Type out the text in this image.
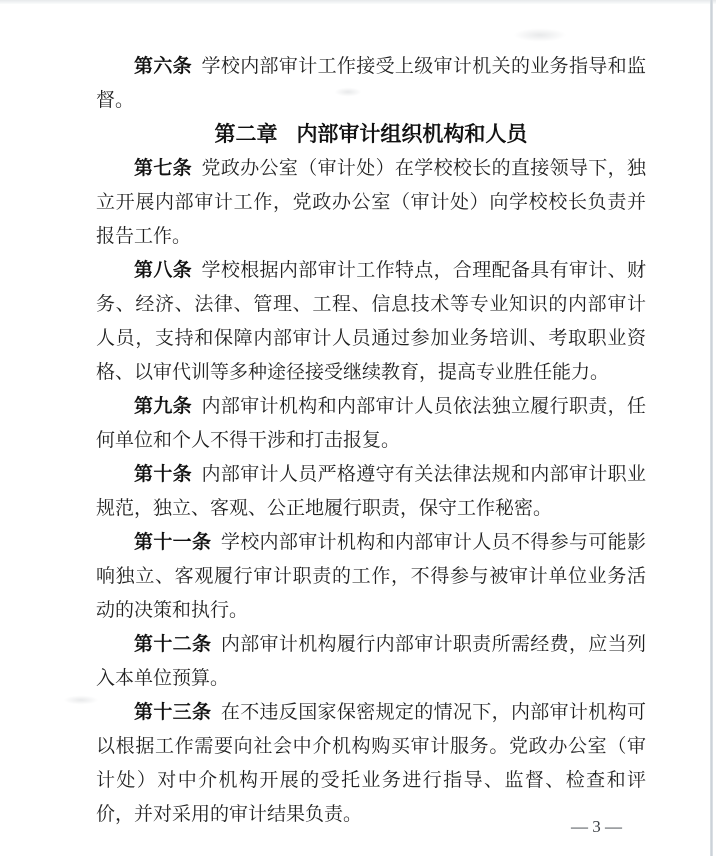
第六条 学校内部审计工作接受上级审计机关的业务指导和监督。

第二章 内部审计组织机构和人员

第七条 党政办公室（审计处）在学校校长的直接领导下，独立开展内部审计工作，党政办公室（审计处）向学校校长负责并报告工作。

第八条 学校根据内部审计工作特点，合理配备具有审计、财务、经济、法律、管理、工程、信息技术等专业知识的内部审计人员，支持和保障内部审计人员通过参加业务培训、考取职业资格、以审代训等多种途径接受继续教育，提高专业胜任能力。

第九条 内部审计机构和内部审计人员依法独立履行职责，任何单位和个人不得干涉和打击报复。

第十条 内部审计人员严格遵守有关法律法规和内部审计职业规范，独立、客观、公正地履行职责，保守工作秘密。

第十一条 学校内部审计机构和内部审计人员不得参与可能影响独立、客观履行审计职责的工作，不得参与被审计单位业务活动的决策和执行。

第十二条 内部审计机构履行内部审计职责所需经费，应当列入本单位预算。

第十三条 在不违反国家保密规定的情况下，内部审计机构可以根据工作需要向社会中介机构购买审计服务。党政办公室（审计处）对中介机构开展的受托业务进行指导、监督、检查和评价，并对采用的审计结果负责。

— 3 —
